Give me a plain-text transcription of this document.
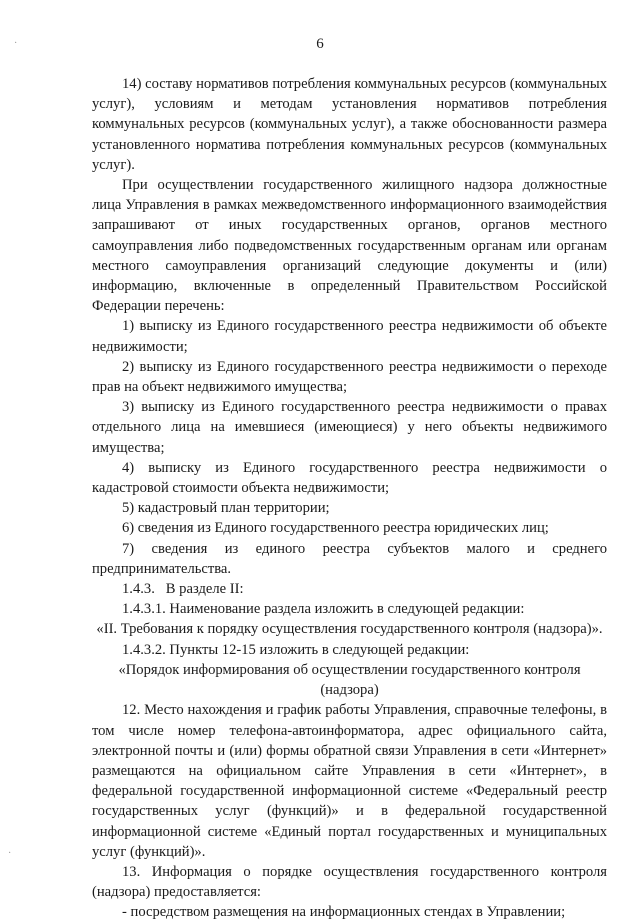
6
·
·

14) составу нормативов потребления коммунальных ресурсов (коммунальных услуг), условиям и методам установления нормативов потребления коммунальных ресурсов (коммунальных услуг), а также обоснованности размера установленного норматива потребления коммунальных ресурсов (коммунальных услуг).

При осуществлении государственного жилищного надзора должностные лица Управления в рамках межведомственного информационного взаимодействия запрашивают от иных государственных органов, органов местного самоуправления либо подведомственных государственным органам или органам местного самоуправления организаций следующие документы и (или) информацию, включенные в определенный Правительством Российской Федерации перечень:

1) выписку из Единого государственного реестра недвижимости об объекте недвижимости;

2) выписку из Единого государственного реестра недвижимости о переходе прав на объект недвижимого имущества;

3) выписку из Единого государственного реестра недвижимости о правах отдельного лица на имевшиеся (имеющиеся) у него объекты недвижимого имущества;

4) выписку из Единого государственного реестра недвижимости о кадастровой стоимости объекта недвижимости;

5) кадастровый план территории;

6) сведения из Единого государственного реестра юридических лиц;

7) сведения из единого реестра субъектов малого и среднего предпринимательства.

1.4.3.   В разделе II:

1.4.3.1. Наименование раздела изложить в следующей редакции:

«II. Требования к порядку осуществления государственного контроля (надзора)».

1.4.3.2. Пункты 12-15 изложить в следующей редакции:

«Порядок информирования об осуществлении государственного контроля (надзора)

12. Место нахождения и график работы Управления, справочные телефоны, в том числе номер телефона-автоинформатора, адрес официального сайта, электронной почты и (или) формы обратной связи Управления в сети «Интернет» размещаются на официальном сайте Управления в сети «Интернет», в федеральной государственной информационной системе «Федеральный реестр государственных услуг (функций)» и в федеральной государственной информационной системе «Единый портал государственных и муниципальных услуг (функций)».

13. Информация о порядке осуществления государственного контроля (надзора) предоставляется:

- посредством размещения на информационных стендах в Управлении;
